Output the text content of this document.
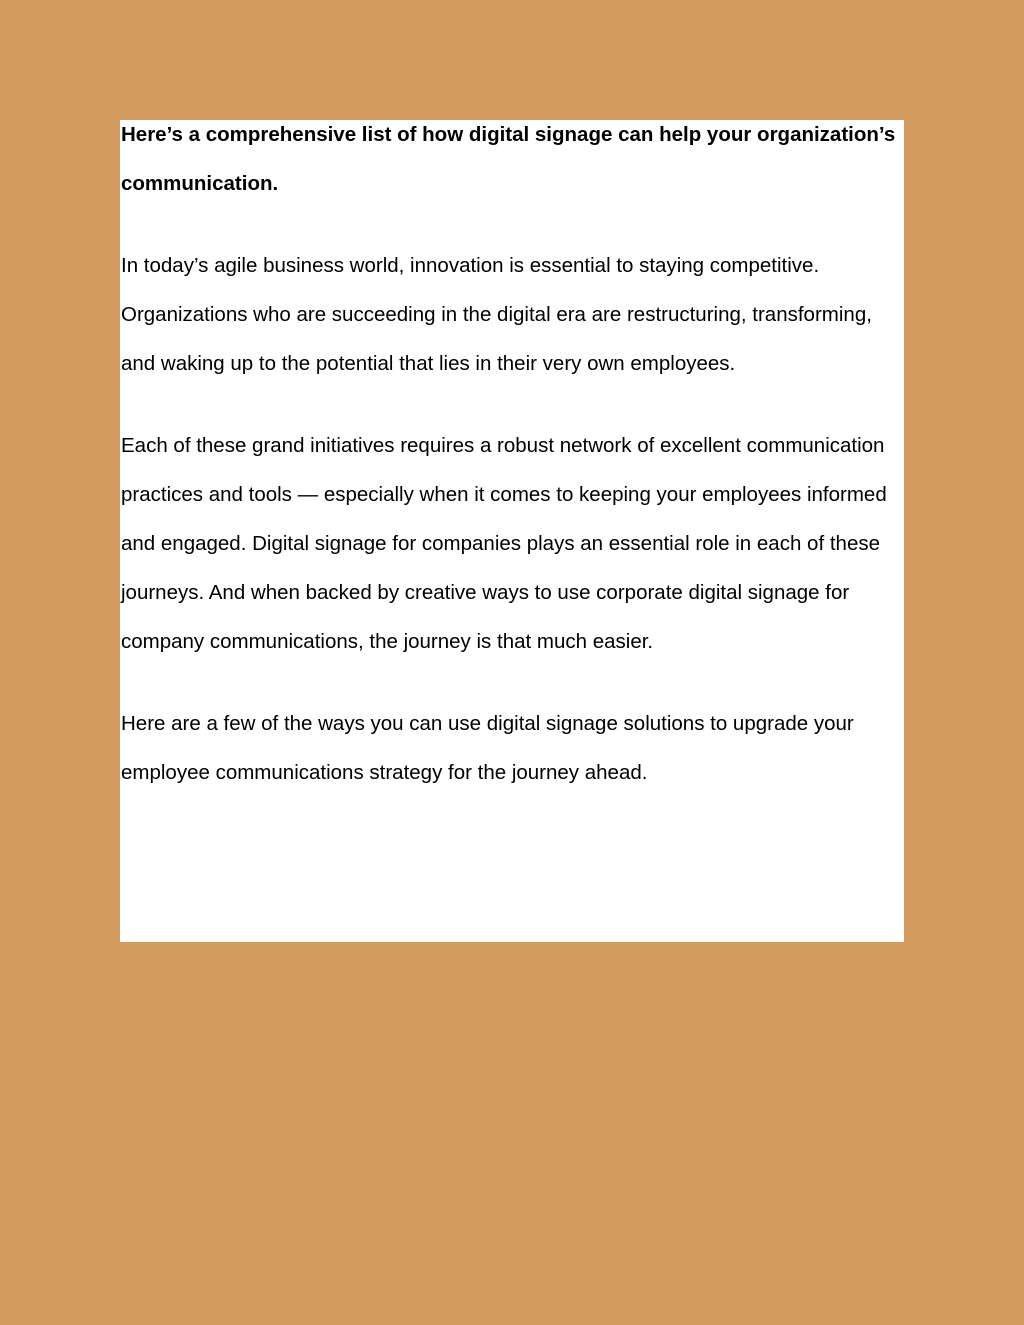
Here’s a comprehensive list of how digital signage can help your organization’s communication.

In today’s agile business world, innovation is essential to staying competitive. Organizations who are succeeding in the digital era are restructuring, transforming, and waking up to the potential that lies in their very own employees.

Each of these grand initiatives requires a robust network of excellent communication practices and tools — especially when it comes to keeping your employees informed and engaged. Digital signage for companies plays an essential role in each of these journeys. And when backed by creative ways to use corporate digital signage for company communications, the journey is that much easier.

Here are a few of the ways you can use digital signage solutions to upgrade your employee communications strategy for the journey ahead.
